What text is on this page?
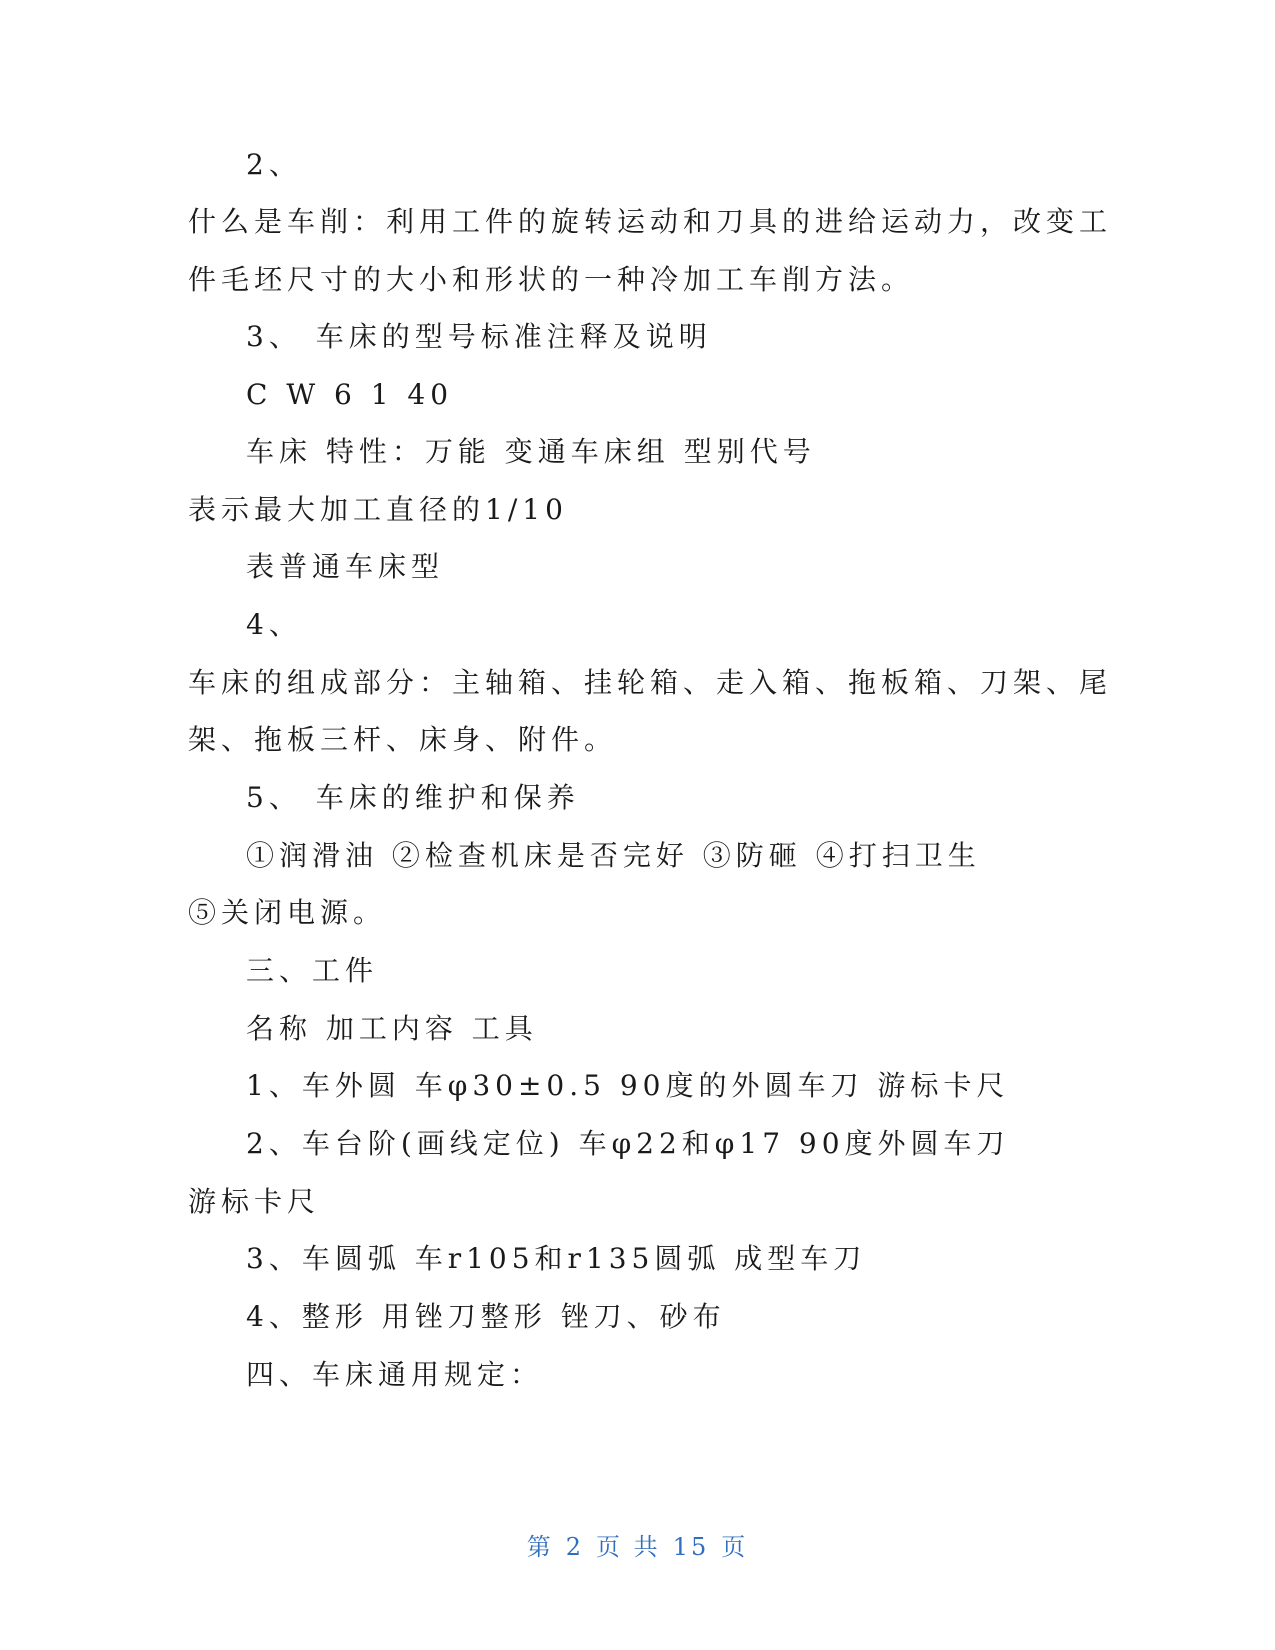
2、
什么是车削：利用工件的旋转运动和刀具的进给运动力，改变工
件毛坯尺寸的大小和形状的一种冷加工车削方法。
3、 车床的型号标准注释及说明
C W 6 1 40
车床 特性：万能 变通车床组 型别代号
表示最大加工直径的1/10
表普通车床型
4、
车床的组成部分：主轴箱、挂轮箱、走入箱、拖板箱、刀架、尾
架、拖板三杆、床身、附件。
5、 车床的维护和保养
①润滑油 ②检查机床是否完好 ③防砸 ④打扫卫生
⑤关闭电源。
三、工件
名称 加工内容 工具
1、车外圆 车φ30±0.5 90度的外圆车刀 游标卡尺
2、车台阶(画线定位) 车φ22和φ17 90度外圆车刀
游标卡尺
3、车圆弧 车r105和r135圆弧 成型车刀
4、整形 用锉刀整形 锉刀、砂布
四、车床通用规定：
第 2 页 共 15 页
